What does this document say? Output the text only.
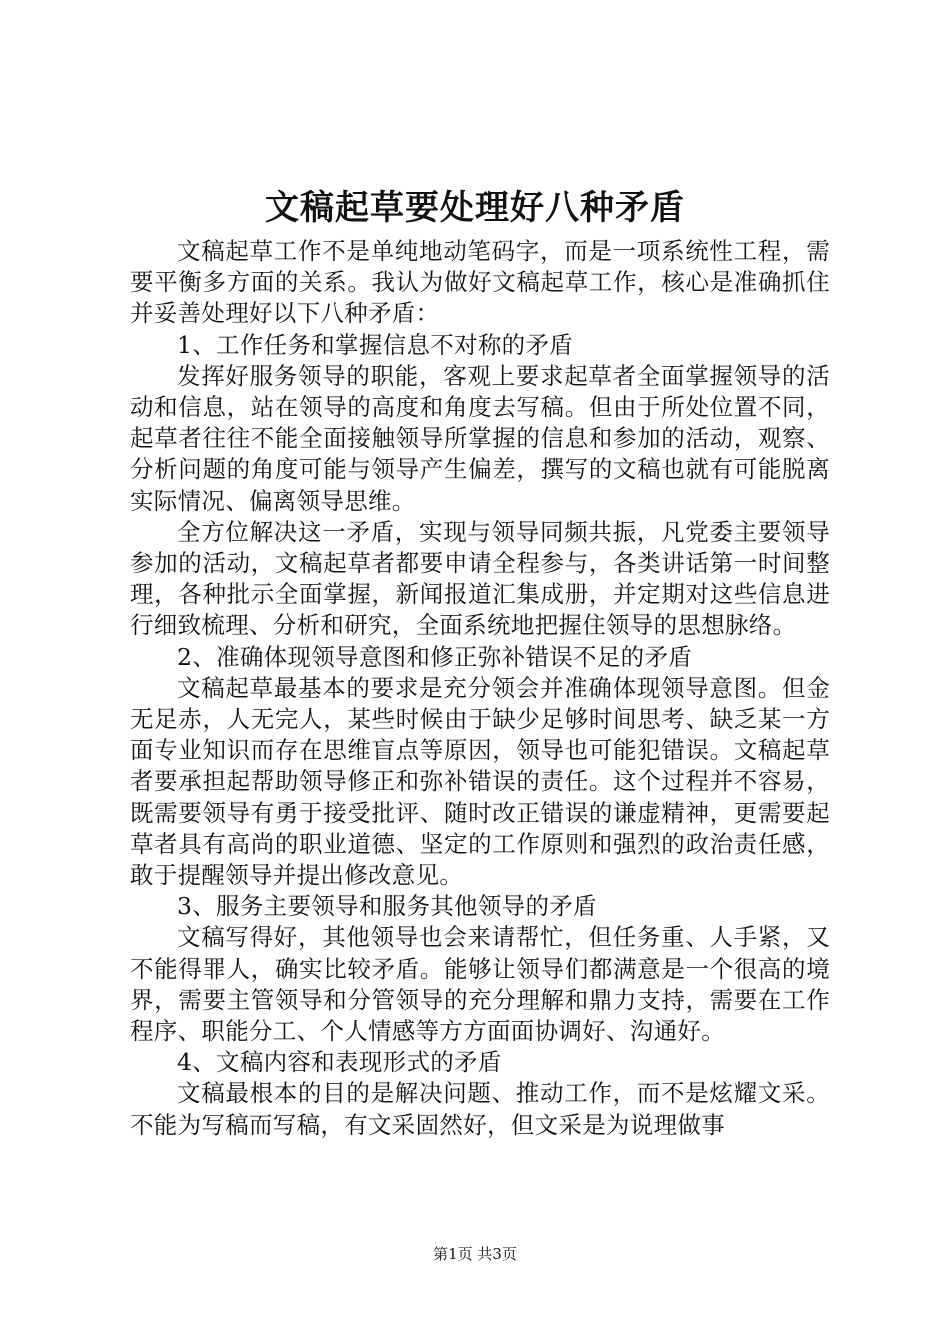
文稿起草要处理好八种矛盾

文稿起草工作不是单纯地动笔码字，而是一项系统性工程，需要平衡多方面的关系。我认为做好文稿起草工作，核心是准确抓住并妥善处理好以下八种矛盾：

1、工作任务和掌握信息不对称的矛盾

发挥好服务领导的职能，客观上要求起草者全面掌握领导的活动和信息，站在领导的高度和角度去写稿。但由于所处位置不同，起草者往往不能全面接触领导所掌握的信息和参加的活动，观察、分析问题的角度可能与领导产生偏差，撰写的文稿也就有可能脱离实际情况、偏离领导思维。

全方位解决这一矛盾，实现与领导同频共振，凡党委主要领导参加的活动，文稿起草者都要申请全程参与，各类讲话第一时间整理，各种批示全面掌握，新闻报道汇集成册，并定期对这些信息进行细致梳理、分析和研究，全面系统地把握住领导的思想脉络。

2、准确体现领导意图和修正弥补错误不足的矛盾

文稿起草最基本的要求是充分领会并准确体现领导意图。但金无足赤，人无完人，某些时候由于缺少足够时间思考、缺乏某一方面专业知识而存在思维盲点等原因，领导也可能犯错误。文稿起草者要承担起帮助领导修正和弥补错误的责任。这个过程并不容易，既需要领导有勇于接受批评、随时改正错误的谦虚精神，更需要起草者具有高尚的职业道德、坚定的工作原则和强烈的政治责任感，敢于提醒领导并提出修改意见。

3、服务主要领导和服务其他领导的矛盾

文稿写得好，其他领导也会来请帮忙，但任务重、人手紧，又不能得罪人，确实比较矛盾。能够让领导们都满意是一个很高的境界，需要主管领导和分管领导的充分理解和鼎力支持，需要在工作程序、职能分工、个人情感等方方面面协调好、沟通好。

4、文稿内容和表现形式的矛盾

文稿最根本的目的是解决问题、推动工作，而不是炫耀文采。不能为写稿而写稿，有文采固然好，但文采是为说理做事

第1页 共3页
